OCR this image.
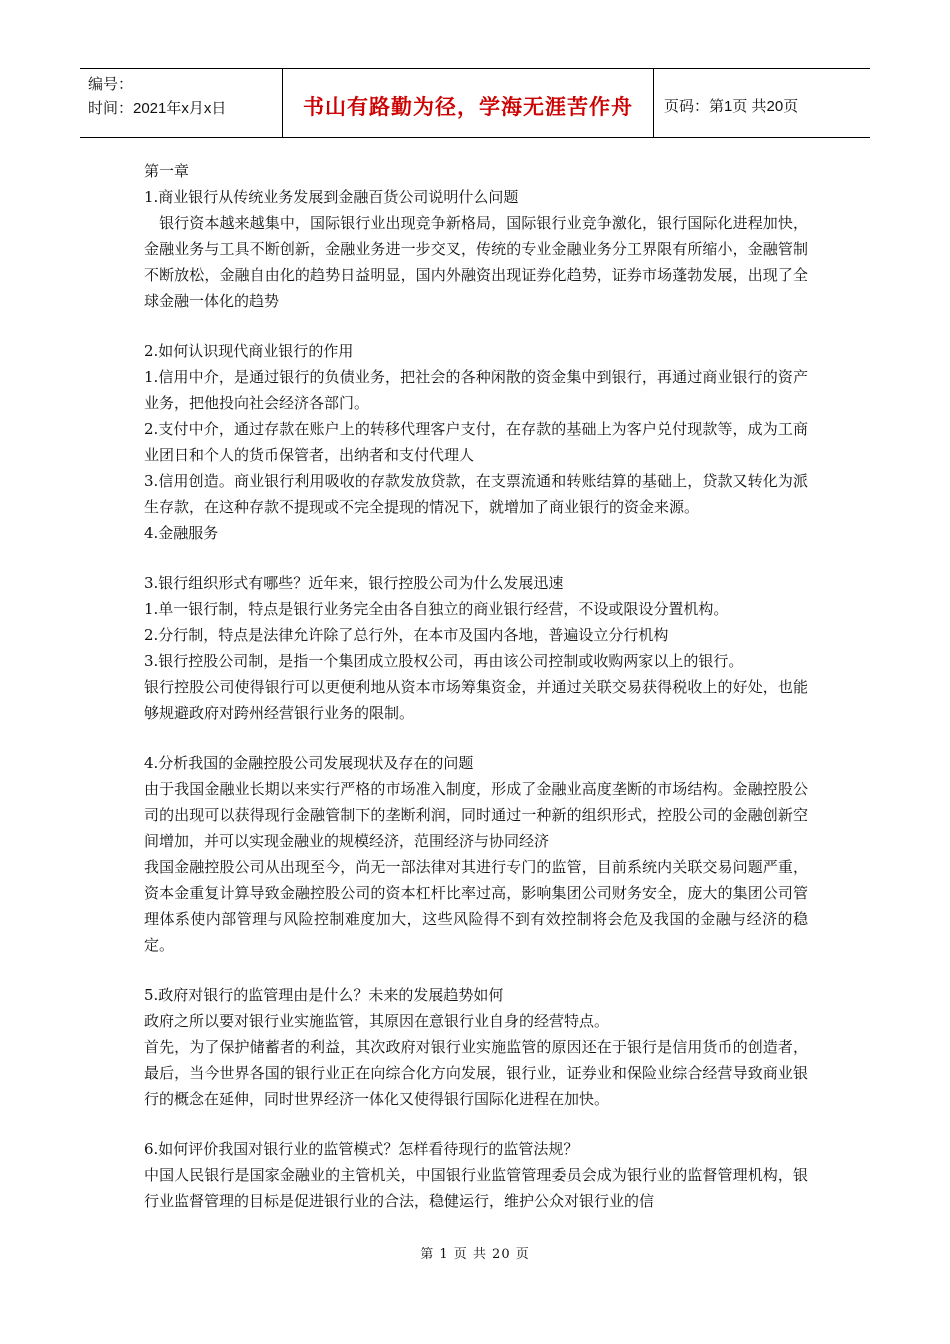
编号：
时间：2021年x月x日	书山有路勤为径，学海无涯苦作舟	页码：第1页 共20页

第一章

1.商业银行从传统业务发展到金融百货公司说明什么问题

　银行资本越来越集中，国际银行业出现竞争新格局，国际银行业竞争激化，银行国际化进程加快，金融业务与工具不断创新，金融业务进一步交叉，传统的专业金融业务分工界限有所缩小，金融管制不断放松，金融自由化的趋势日益明显，国内外融资出现证券化趋势，证券市场蓬勃发展，出现了全球金融一体化的趋势

2.如何认识现代商业银行的作用

1.信用中介，是通过银行的负债业务，把社会的各种闲散的资金集中到银行，再通过商业银行的资产业务，把他投向社会经济各部门。

2.支付中介，通过存款在账户上的转移代理客户支付，在存款的基础上为客户兑付现款等，成为工商业团日和个人的货币保管者，出纳者和支付代理人

3.信用创造。商业银行利用吸收的存款发放贷款，在支票流通和转账结算的基础上，贷款又转化为派生存款，在这种存款不提现或不完全提现的情况下，就增加了商业银行的资金来源。

4.金融服务

3.银行组织形式有哪些？近年来，银行控股公司为什么发展迅速

1.单一银行制，特点是银行业务完全由各自独立的商业银行经营，不设或限设分置机构。

2.分行制，特点是法律允许除了总行外，在本市及国内各地，普遍设立分行机构

3.银行控股公司制，是指一个集团成立股权公司，再由该公司控制或收购两家以上的银行。

银行控股公司使得银行可以更便利地从资本市场筹集资金，并通过关联交易获得税收上的好处，也能够规避政府对跨州经营银行业务的限制。

4.分析我国的金融控股公司发展现状及存在的问题

由于我国金融业长期以来实行严格的市场准入制度，形成了金融业高度垄断的市场结构。金融控股公司的出现可以获得现行金融管制下的垄断利润，同时通过一种新的组织形式，控股公司的金融创新空间增加，并可以实现金融业的规模经济，范围经济与协同经济

我国金融控股公司从出现至今，尚无一部法律对其进行专门的监管，目前系统内关联交易问题严重，资本金重复计算导致金融控股公司的资本杠杆比率过高，影响集团公司财务安全，庞大的集团公司管理体系使内部管理与风险控制难度加大，这些风险得不到有效控制将会危及我国的金融与经济的稳定。

5.政府对银行的监管理由是什么？未来的发展趋势如何

政府之所以要对银行业实施监管，其原因在意银行业自身的经营特点。

首先，为了保护储蓄者的利益，其次政府对银行业实施监管的原因还在于银行是信用货币的创造者，最后，当今世界各国的银行业正在向综合化方向发展，银行业，证券业和保险业综合经营导致商业银行的概念在延伸，同时世界经济一体化又使得银行国际化进程在加快。

6.如何评价我国对银行业的监管模式？怎样看待现行的监管法规？

中国人民银行是国家金融业的主管机关，中国银行业监管管理委员会成为银行业的监督管理机构，银行业监督管理的目标是促进银行业的合法，稳健运行，维护公众对银行业的信

第 1 页 共 20 页
